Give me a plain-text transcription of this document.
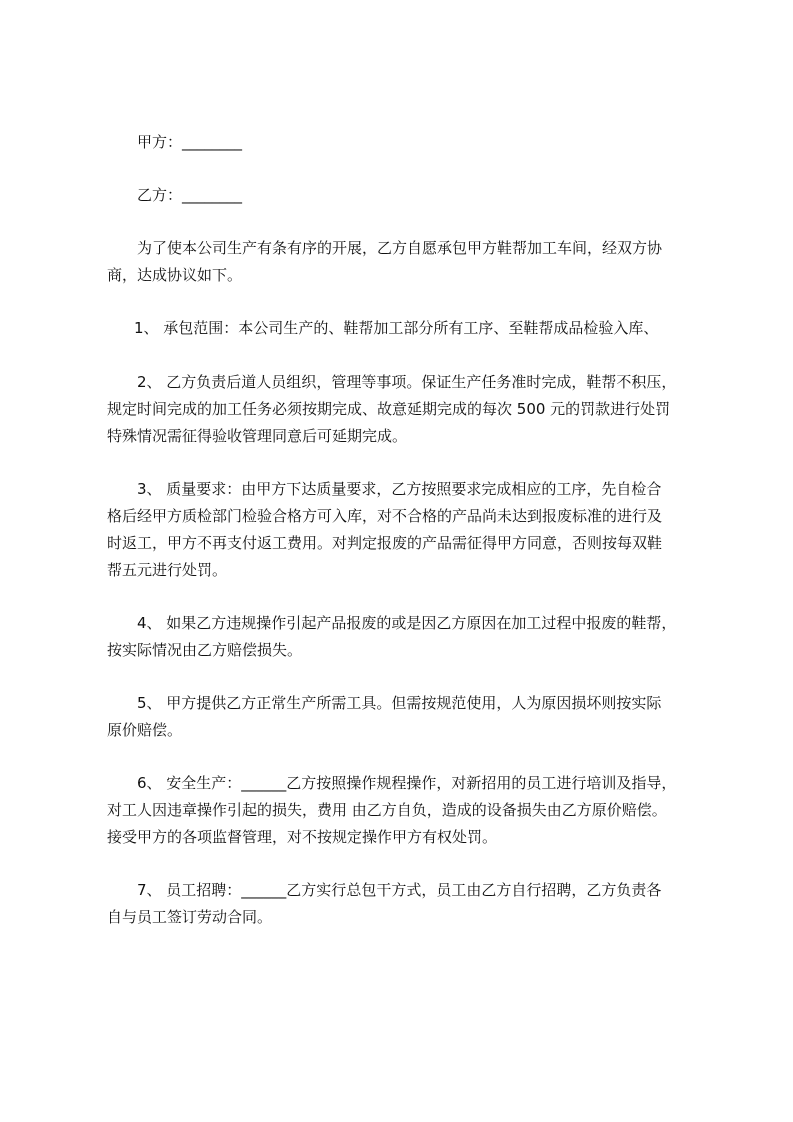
甲方：________
乙方：________
为了使本公司生产有条有序的开展，乙方自愿承包甲方鞋帮加工车间，经双方协
商，达成协议如下。
1、 承包范围：本公司生产的、鞋帮加工部分所有工序、至鞋帮成品检验入库、
2、 乙方负责后道人员组织，管理等事项。保证生产任务准时完成，鞋帮不积压，
规定时间完成的加工任务必须按期完成、故意延期完成的每次 500 元的罚款进行处罚
特殊情况需征得验收管理同意后可延期完成。
3、 质量要求：由甲方下达质量要求，乙方按照要求完成相应的工序，先自检合
格后经甲方质检部门检验合格方可入库，对不合格的产品尚未达到报废标准的进行及
时返工，甲方不再支付返工费用。对判定报废的产品需征得甲方同意，否则按每双鞋
帮五元进行处罚。
4、 如果乙方违规操作引起产品报废的或是因乙方原因在加工过程中报废的鞋帮，
按实际情况由乙方赔偿损失。
5、 甲方提供乙方正常生产所需工具。但需按规范使用，人为原因损坏则按实际
原价赔偿。
6、 安全生产：______乙方按照操作规程操作，对新招用的员工进行培训及指导，
对工人因违章操作引起的损失，费用 由乙方自负，造成的设备损失由乙方原价赔偿。
接受甲方的各项监督管理，对不按规定操作甲方有权处罚。
7、 员工招聘：______乙方实行总包干方式，员工由乙方自行招聘，乙方负责各
自与员工签订劳动合同。
